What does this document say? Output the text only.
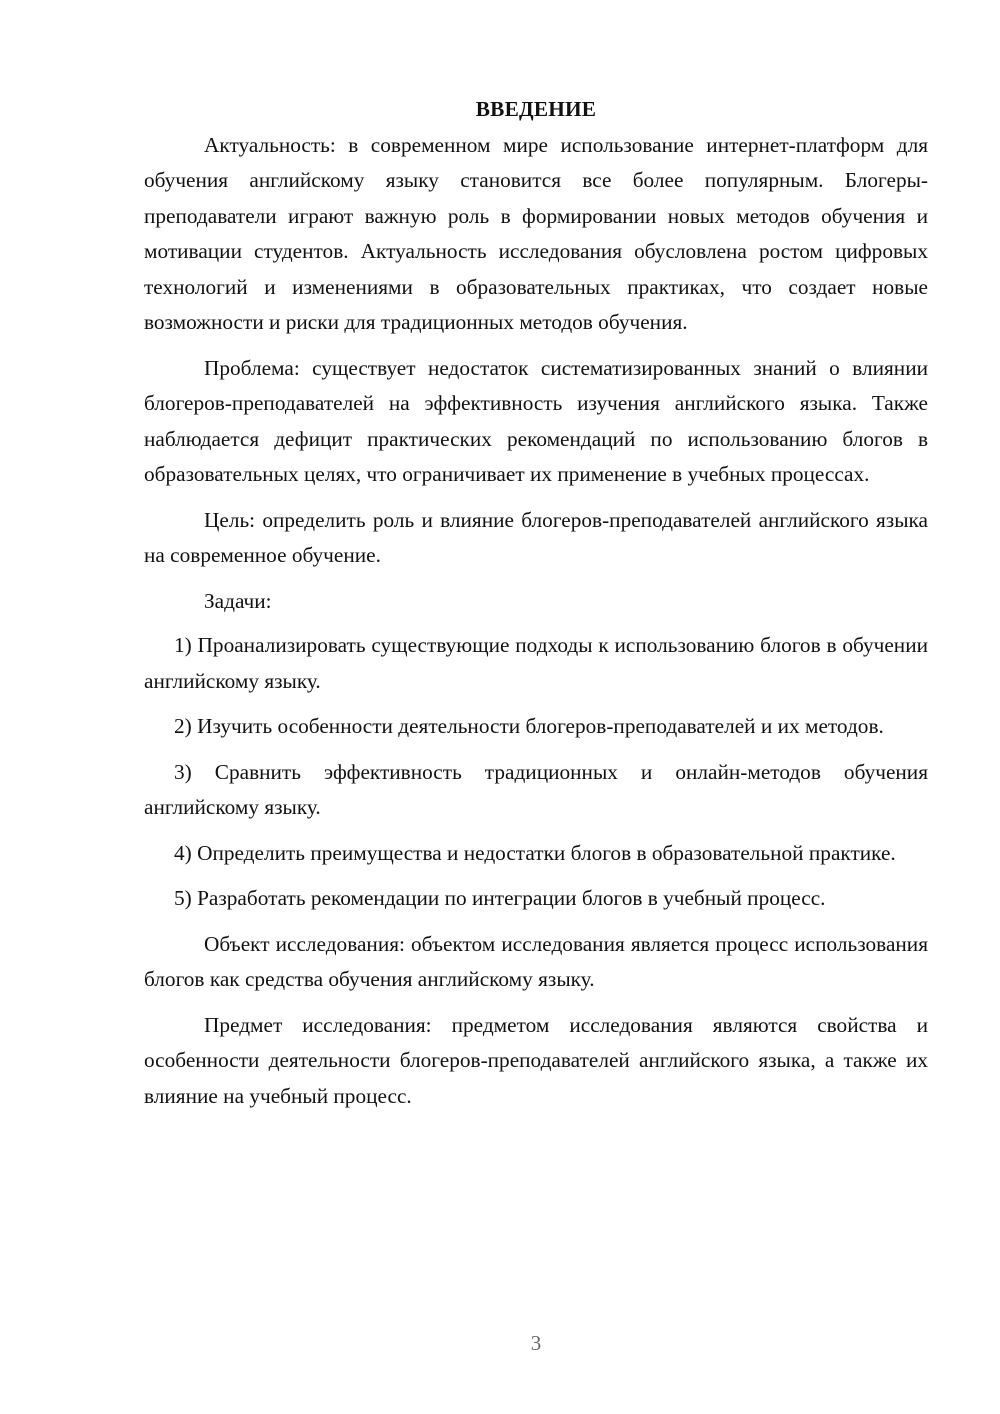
ВВЕДЕНИЕ

Актуальность: в современном мире использование интернет-платформ для обучения английскому языку становится все более популярным. Блогеры-преподаватели играют важную роль в формировании новых методов обучения и мотивации студентов. Актуальность исследования обусловлена ростом цифровых технологий и изменениями в образовательных практиках, что создает новые возможности и риски для традиционных методов обучения.

Проблема: существует недостаток систематизированных знаний о влиянии блогеров-преподавателей на эффективность изучения английского языка. Также наблюдается дефицит практических рекомендаций по использованию блогов в образовательных целях, что ограничивает их применение в учебных процессах.

Цель: определить роль и влияние блогеров-преподавателей английского языка на современное обучение.

Задачи:

1) Проанализировать существующие подходы к использованию блогов в обучении английскому языку.

2) Изучить особенности деятельности блогеров-преподавателей и их методов.

3) Сравнить эффективность традиционных и онлайн-методов обучения английскому языку.

4) Определить преимущества и недостатки блогов в образовательной практике.

5) Разработать рекомендации по интеграции блогов в учебный процесс.

Объект исследования: объектом исследования является процесс использования блогов как средства обучения английскому языку.

Предмет исследования: предметом исследования являются свойства и особенности деятельности блогеров-преподавателей английского языка, а также их влияние на учебный процесс.

3
